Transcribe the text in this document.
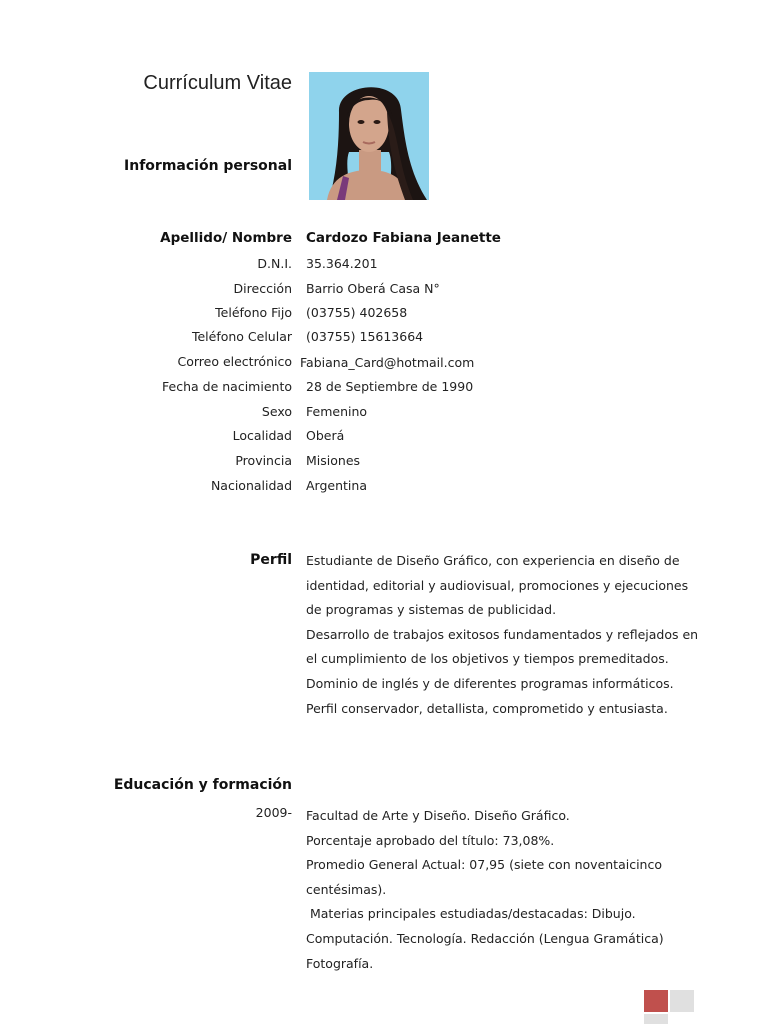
Currículum Vitae
Información personal
Apellido/ Nombre Cardozo Fabiana Jeanette
D.N.I. 35.364.201
Dirección Barrio Oberá Casa N°
Teléfono Fijo (03755) 402658
Teléfono Celular (03755) 15613664
Correo electrónico Fabiana_Card@hotmail.com
Fecha de nacimiento 28 de Septiembre de 1990
Sexo Femenino
Localidad Oberá
Provincia Misiones
Nacionalidad Argentina
Perfil Estudiante de Diseño Gráfico, con experiencia en diseño de
identidad, editorial y audiovisual, promociones y ejecuciones
de programas y sistemas de publicidad.
Desarrollo de trabajos exitosos fundamentados y reflejados en
el cumplimiento de los objetivos y tiempos premeditados.
Dominio de inglés y de diferentes programas informáticos.
Perfil conservador, detallista, comprometido y entusiasta.
Educación y formación
2009- Facultad de Arte y Diseño. Diseño Gráfico.
Porcentaje aprobado del título: 73,08%.
Promedio General Actual: 07,95 (siete con noventaicinco
centésimas).
Materias principales estudiadas/destacadas: Dibujo.
Computación. Tecnología. Redacción (Lengua Gramática)
Fotografía.
